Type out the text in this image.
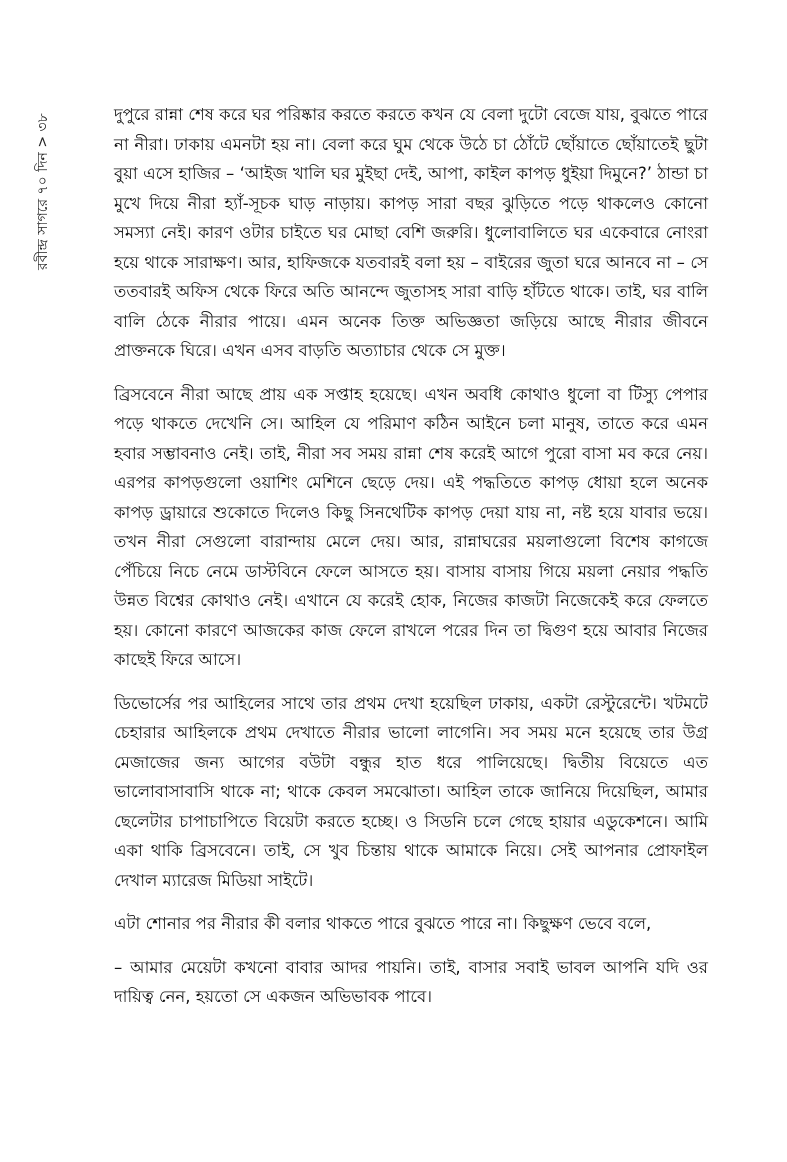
রবীন্দ্র সাগরে ৭০ দিন > ৩৮	দুপুরে রান্না শেষ করে ঘর পরিষ্কার করতে করতে কখন যে বেলা দুটো বেজে যায়, বুঝতে পারে না নীরা। ঢাকায় এমনটা হয় না। বেলা করে ঘুম থেকে উঠে চা ঠোঁটে ছোঁয়াতে ছোঁয়াতেই ছুটা বুয়া এসে হাজির – ‘আইজ খালি ঘর মুইছা দেই, আপা, কাইল কাপড় ধুইয়া দিমুনে?’ ঠান্ডা চা মুখে দিয়ে নীরা হ্যাঁ-সূচক ঘাড় নাড়ায়। কাপড় সারা বছর ঝুড়িতে পড়ে থাকলেও কোনো সমস্যা নেই। কারণ ওটার চাইতে ঘর মোছা বেশি জরুরি। ধুলোবালিতে ঘর একেবারে নোংরা হয়ে থাকে সারাক্ষণ। আর, হাফিজকে যতবারই বলা হয় – বাইরের জুতা ঘরে আনবে না – সে ততবারই অফিস থেকে ফিরে অতি আনন্দে জুতাসহ সারা বাড়ি হাঁটতে থাকে। তাই, ঘর বালি বালি ঠেকে নীরার পায়ে। এমন অনেক তিক্ত অভিজ্ঞতা জড়িয়ে আছে নীরার জীবনে প্রাক্তনকে ঘিরে। এখন এসব বাড়তি অত্যাচার থেকে সে মুক্ত।

ব্রিসবেনে নীরা আছে প্রায় এক সপ্তাহ হয়েছে। এখন অবধি কোথাও ধুলো বা টিস্যু পেপার পড়ে থাকতে দেখেনি সে। আহিল যে পরিমাণ কঠিন আইনে চলা মানুষ, তাতে করে এমন হবার সম্ভাবনাও নেই। তাই, নীরা সব সময় রান্না শেষ করেই আগে পুরো বাসা মব করে নেয়। এরপর কাপড়গুলো ওয়াশিং মেশিনে ছেড়ে দেয়। এই পদ্ধতিতে কাপড় ধোয়া হলে অনেক কাপড় ড্রায়ারে শুকোতে দিলেও কিছু সিনথেটিক কাপড় দেয়া যায় না, নষ্ট হয়ে যাবার ভয়ে। তখন নীরা সেগুলো বারান্দায় মেলে দেয়। আর, রান্নাঘরের ময়লাগুলো বিশেষ কাগজে পেঁচিয়ে নিচে নেমে ডাস্টবিনে ফেলে আসতে হয়। বাসায় বাসায় গিয়ে ময়লা নেয়ার পদ্ধতি উন্নত বিশ্বের কোথাও নেই। এখানে যে করেই হোক, নিজের কাজটা নিজেকেই করে ফেলতে হয়। কোনো কারণে আজকের কাজ ফেলে রাখলে পরের দিন তা দ্বিগুণ হয়ে আবার নিজের কাছেই ফিরে আসে।

ডিভোর্সের পর আহিলের সাথে তার প্রথম দেখা হয়েছিল ঢাকায়, একটা রেস্টুরেন্টে। খটমটে চেহারার আহিলকে প্রথম দেখাতে নীরার ভালো লাগেনি। সব সময় মনে হয়েছে তার উগ্র মেজাজের জন্য আগের বউটা বন্ধুর হাত ধরে পালিয়েছে। দ্বিতীয় বিয়েতে এত ভালোবাসাবাসি থাকে না; থাকে কেবল সমঝোতা। আহিল তাকে জানিয়ে দিয়েছিল, আমার ছেলেটার চাপাচাপিতে বিয়েটা করতে হচ্ছে। ও সিডনি চলে গেছে হায়ার এডুকেশনে। আমি একা থাকি ব্রিসবেনে। তাই, সে খুব চিন্তায় থাকে আমাকে নিয়ে। সেই আপনার প্রোফাইল দেখাল ম্যারেজ মিডিয়া সাইটে।

এটা শোনার পর নীরার কী বলার থাকতে পারে বুঝতে পারে না। কিছুক্ষণ ভেবে বলে,

– আমার মেয়েটা কখনো বাবার আদর পায়নি। তাই, বাসার সবাই ভাবল আপনি যদি ওর দায়িত্ব নেন, হয়তো সে একজন অভিভাবক পাবে।
